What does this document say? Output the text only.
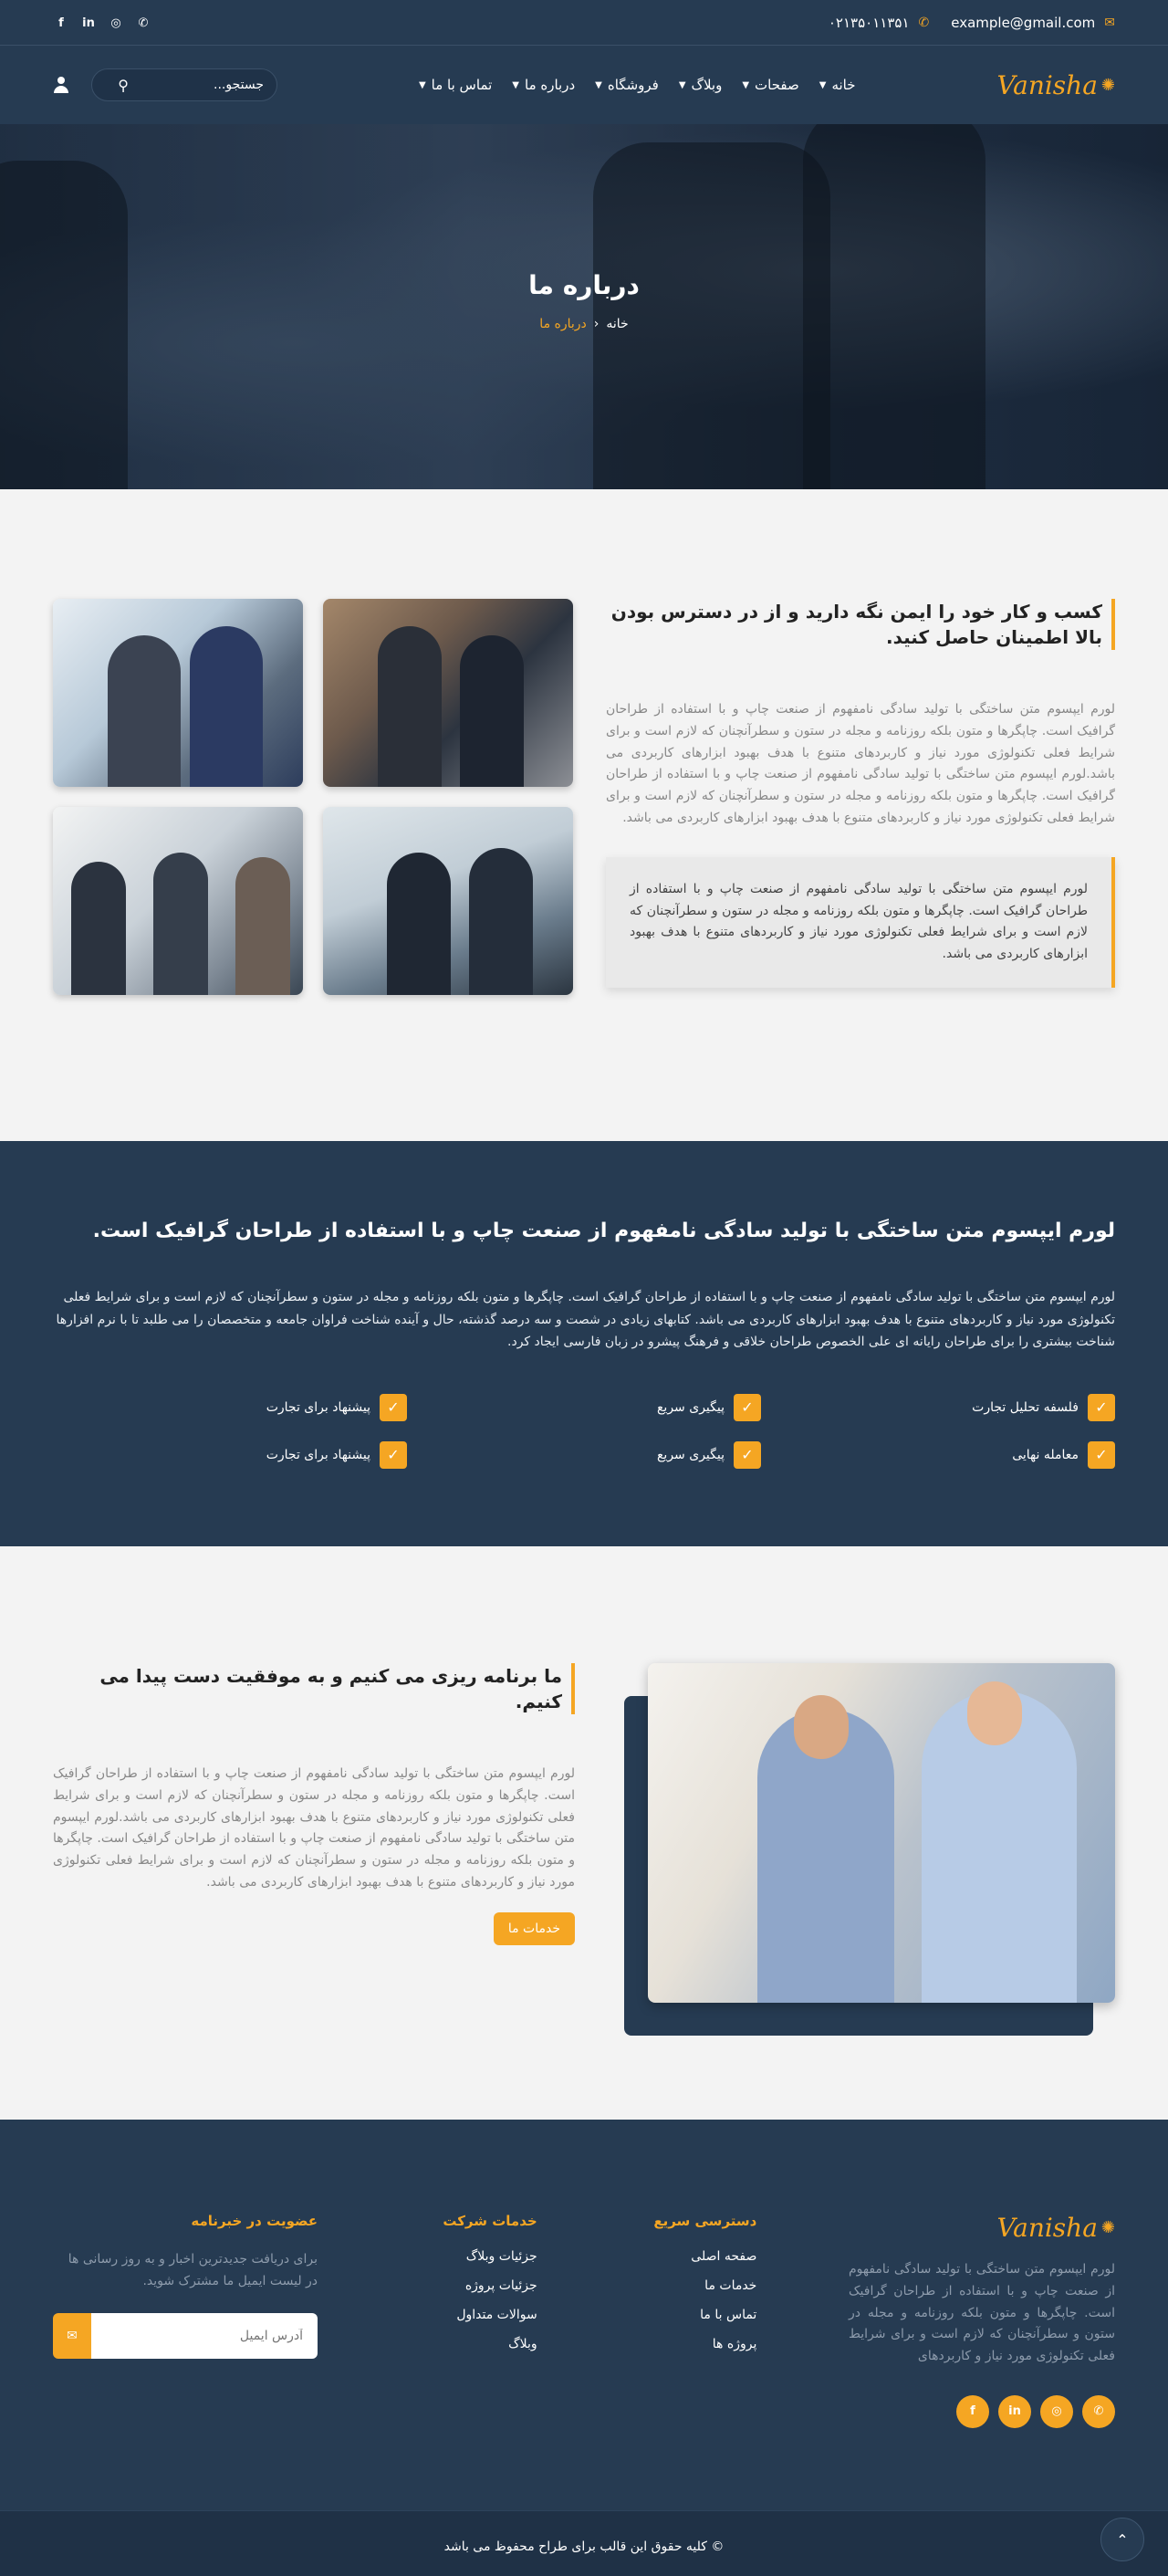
✉
example@gmail.com
✆
۰۲۱۳۵۰۱۱۳۵۱
f	in ◎ ✆
Vanisha ✺
خانه
▼
صفحات
▼
وبلاگ
▼
فروشگاه
▼
درباره ما
▼
تماس با ما
▼
جستجو...
⚲
درباره ما
خانه
‹
درباره ما
کسب و کار خود را ایمن نگه دارید و از در دسترس بودن بالا اطمینان حاصل کنید.

لورم ایپسوم متن ساختگی با تولید سادگی نامفهوم از صنعت چاپ و با استفاده از طراحان گرافیک است. چاپگرها و متون بلکه روزنامه و مجله در ستون و سطرآنچنان که لازم است و برای شرایط فعلی تکنولوژی مورد نیاز و کاربردهای متنوع با هدف بهبود ابزارهای کاربردی می باشد.لورم ایپسوم متن ساختگی با تولید سادگی نامفهوم از صنعت چاپ و با استفاده از طراحان گرافیک است. چاپگرها و متون بلکه روزنامه و مجله در ستون و سطرآنچنان که لازم است و برای شرایط فعلی تکنولوژی مورد نیاز و کاربردهای متنوع با هدف بهبود ابزارهای کاربردی می باشد.

لورم ایپسوم متن ساختگی با تولید سادگی نامفهوم از صنعت چاپ و با استفاده از طراحان گرافیک است. چاپگرها و متون بلکه روزنامه و مجله در ستون و سطرآنچنان که لازم است و برای شرایط فعلی تکنولوژی مورد نیاز و کاربردهای متنوع با هدف بهبود ابزارهای کاربردی می باشد.
لورم ایپسوم متن ساختگی با تولید سادگی نامفهوم از صنعت چاپ و با استفاده از طراحان گرافیک است.

لورم ایپسوم متن ساختگی با تولید سادگی نامفهوم از صنعت چاپ و با استفاده از طراحان گرافیک است. چاپگرها و متون بلکه روزنامه و مجله در ستون و سطرآنچنان که لازم است و برای شرایط فعلی تکنولوژی مورد نیاز و کاربردهای متنوع با هدف بهبود ابزارهای کاربردی می باشد. کتابهای زیادی در شصت و سه درصد گذشته، حال و آینده شناخت فراوان جامعه و متخصصان را می طلبد تا با نرم افزارها شناخت بیشتری را برای طراحان رایانه ای علی الخصوص طراحان خلاقی و فرهنگ پیشرو در زبان فارسی ایجاد کرد.

✓
فلسفه تحلیل تجارت
✓
پیگیری سریع
✓
پیشنهاد برای تجارت
✓
معامله نهایی
✓
پیگیری سریع
✓
پیشنهاد برای تجارت
ما برنامه ریزی می کنیم و به موفقیت دست پیدا می کنیم.

لورم ایپسوم متن ساختگی با تولید سادگی نامفهوم از صنعت چاپ و با استفاده از طراحان گرافیک است. چاپگرها و متون بلکه روزنامه و مجله در ستون و سطرآنچنان که لازم است و برای شرایط فعلی تکنولوژی مورد نیاز و کاربردهای متنوع با هدف بهبود ابزارهای کاربردی می باشد.لورم ایپسوم متن ساختگی با تولید سادگی نامفهوم از صنعت چاپ و با استفاده از طراحان گرافیک است. چاپگرها و متون بلکه روزنامه و مجله در ستون و سطرآنچنان که لازم است و برای شرایط فعلی تکنولوژی مورد نیاز و کاربردهای متنوع با هدف بهبود ابزارهای کاربردی می باشد.

خدمات ما
Vanisha ✺

لورم ایپسوم متن ساختگی با تولید سادگی نامفهوم از صنعت چاپ و با استفاده از طراحان گرافیک است. چاپگرها و متون بلکه روزنامه و مجله در ستون و سطرآنچنان که لازم است و برای شرایط فعلی تکنولوژی مورد نیاز و کاربردهای

✆
◎
in
f
دسترسی سریع
صفحه اصلی
خدمات ما
تماس با ما
پروژه ها
خدمات شرکت
جزئیات وبلاگ
جزئیات پروژه
سوالات متداول
وبلاگ
عضویت در خبرنامه

برای دریافت جدیدترین اخبار و به روز رسانی ها در لیست ایمیل ما مشترک شوید.

آدرس ایمیل
✉
© کلیه حقوق این قالب برای طراح محفوظ می باشد	⌃
